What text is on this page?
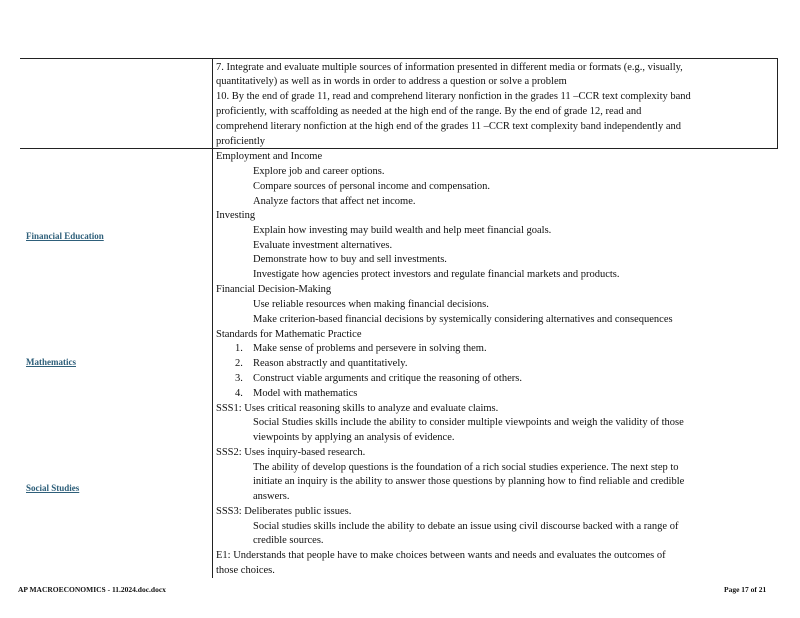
7. Integrate and evaluate multiple sources of information presented in different media or formats (e.g., visually,
quantitatively) as well as in words in order to address a question or solve a problem
10. By the end of grade 11, read and comprehend literary nonfiction in the grades 11 –CCR text complexity band
proficiently, with scaffolding as needed at the high end of the range. By the end of grade 12, read and
comprehend literary nonfiction at the high end of the grades 11 –CCR text complexity band independently and
proficiently
Financial Education
Mathematics
Social Studies
Employment and Income
Explore job and career options.
Compare sources of personal income and compensation.
Analyze factors that affect net income.
Investing
Explain how investing may build wealth and help meet financial goals.
Evaluate investment alternatives.
Demonstrate how to buy and sell investments.
Investigate how agencies protect investors and regulate financial markets and products.
Financial Decision-Making
Use reliable resources when making financial decisions.
Make criterion-based financial decisions by systemically considering alternatives and consequences
Standards for Mathematic Practice
1. Make sense of problems and persevere in solving them.
2. Reason abstractly and quantitatively.
3. Construct viable arguments and critique the reasoning of others.
4. Model with mathematics
SSS1: Uses critical reasoning skills to analyze and evaluate claims.
Social Studies skills include the ability to consider multiple viewpoints and weigh the validity of those
viewpoints by applying an analysis of evidence.
SSS2: Uses inquiry-based research.
The ability of develop questions is the foundation of a rich social studies experience. The next step to
initiate an inquiry is the ability to answer those questions by planning how to find reliable and credible
answers.
SSS3: Deliberates public issues.
Social studies skills include the ability to debate an issue using civil discourse backed with a range of
credible sources.
E1: Understands that people have to make choices between wants and needs and evaluates the outcomes of
those choices.
AP MACROECONOMICS - 11.2024.doc.docx	Page 17 of 21
